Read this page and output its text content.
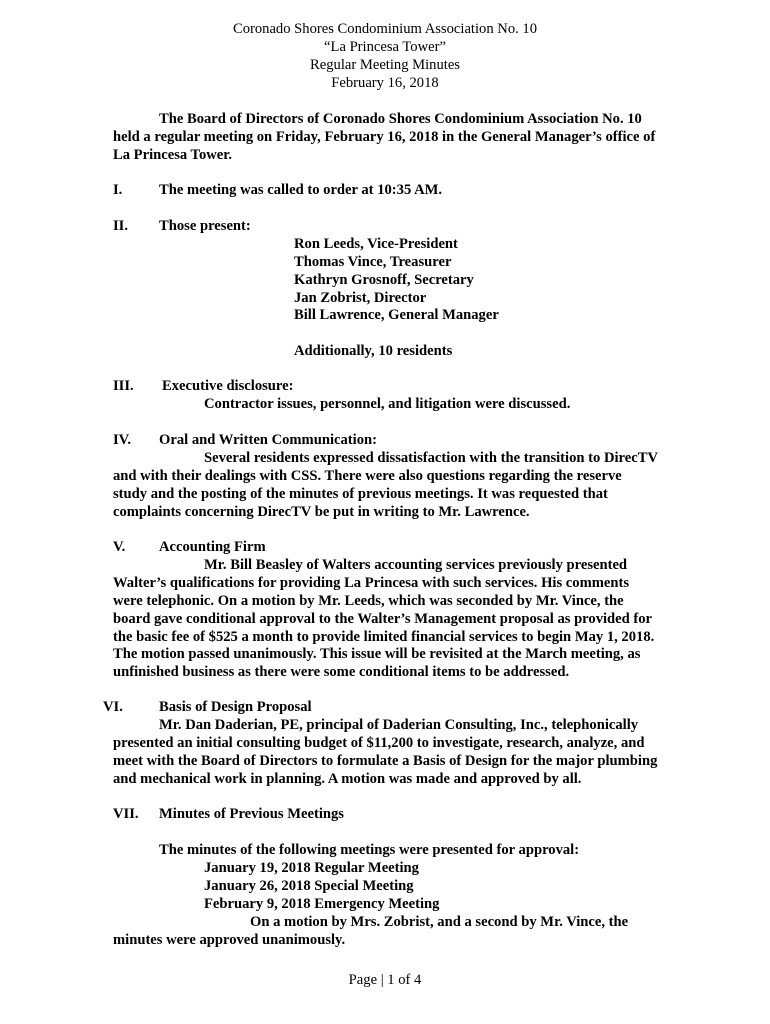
Coronado Shores Condominium Association No. 10
“La Princesa Tower”
Regular Meeting Minutes
February 16, 2018
The Board of Directors of Coronado Shores Condominium Association No. 10
held a regular meeting on Friday, February 16, 2018 in the General Manager’s office of
La Princesa Tower.
I.	The meeting was called to order at 10:35 AM.
II. Those present:
Ron Leeds, Vice-President
Thomas Vince, Treasurer
Kathryn Grosnoff, Secretary
Jan Zobrist, Director
Bill Lawrence, General Manager
Additionally, 10 residents
III. Executive disclosure:
Contractor issues, personnel, and litigation were discussed.
IV. Oral and Written Communication:
Several residents expressed dissatisfaction with the transition to DirecTV
and with their dealings with CSS. There were also questions regarding the reserve
study and the posting of the minutes of previous meetings. It was requested that
complaints concerning DirecTV be put in writing to Mr. Lawrence.
V. Accounting Firm
Mr. Bill Beasley of Walters accounting services previously presented
Walter’s qualifications for providing La Princesa with such services. His comments
were telephonic. On a motion by Mr. Leeds, which was seconded by Mr. Vince, the
board gave conditional approval to the Walter’s Management proposal as provided for
the basic fee of $525 a month to provide limited financial services to begin May 1, 2018.
The motion passed unanimously. This issue will be revisited at the March meeting, as
unfinished business as there were some conditional items to be addressed.
VI. Basis of Design Proposal
Mr. Dan Daderian, PE, principal of Daderian Consulting, Inc., telephonically
presented an initial consulting budget of $11,200 to investigate, research, analyze, and
meet with the Board of Directors to formulate a Basis of Design for the major plumbing
and mechanical work in planning. A motion was made and approved by all.
VII. Minutes of Previous Meetings
The minutes of the following meetings were presented for approval:
January 19, 2018 Regular Meeting
January 26, 2018 Special Meeting
February 9, 2018 Emergency Meeting
On a motion by Mrs. Zobrist, and a second by Mr. Vince, the
minutes were approved unanimously.
Page | 1 of 4
